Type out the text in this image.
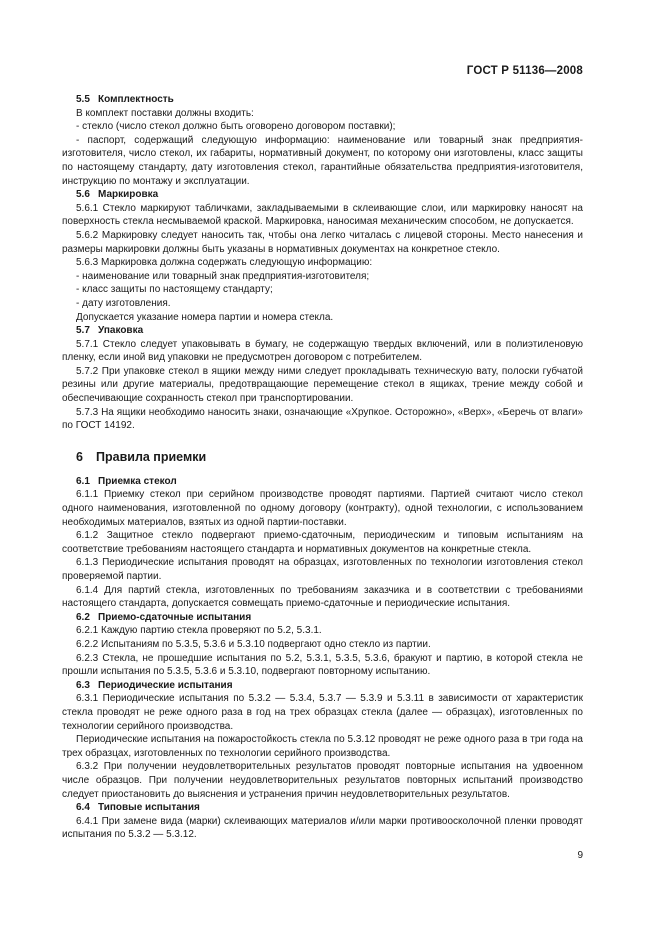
ГОСТ Р 51136—2008

5.5 Комплектность

В комплект поставки должны входить:

- стекло (число стекол должно быть оговорено договором поставки);

- паспорт, содержащий следующую информацию: наименование или товарный знак предприятия-изготовителя, число стекол, их габариты, нормативный документ, по которому они изготовлены, класс защиты по настоящему стандарту, дату изготовления стекол, гарантийные обязательства предприятия-изготовителя, инструкцию по монтажу и эксплуатации.

5.6 Маркировка

5.6.1 Стекло маркируют табличками, закладываемыми в склеивающие слои, или маркировку наносят на поверхность стекла несмываемой краской. Маркировка, наносимая механическим способом, не допускается.

5.6.2 Маркировку следует наносить так, чтобы она легко читалась с лицевой стороны. Место нанесения и размеры маркировки должны быть указаны в нормативных документах на конкретное стекло.

5.6.3 Маркировка должна содержать следующую информацию:

- наименование или товарный знак предприятия-изготовителя;

- класс защиты по настоящему стандарту;

- дату изготовления.

Допускается указание номера партии и номера стекла.

5.7 Упаковка

5.7.1 Стекло следует упаковывать в бумагу, не содержащую твердых включений, или в полиэтиленовую пленку, если иной вид упаковки не предусмотрен договором с потребителем.

5.7.2 При упаковке стекол в ящики между ними следует прокладывать техническую вату, полоски губчатой резины или другие материалы, предотвращающие перемещение стекол в ящиках, трение между собой и обеспечивающие сохранность стекол при транспортировании.

5.7.3 На ящики необходимо наносить знаки, означающие «Хрупкое. Осторожно», «Верх», «Беречь от влаги» по ГОСТ 14192.

6 Правила приемки

6.1 Приемка стекол

6.1.1 Приемку стекол при серийном производстве проводят партиями. Партией считают число стекол одного наименования, изготовленной по одному договору (контракту), одной технологии, с использованием необходимых материалов, взятых из одной партии-поставки.

6.1.2 Защитное стекло подвергают приемо-сдаточным, периодическим и типовым испытаниям на соответствие требованиям настоящего стандарта и нормативных документов на конкретные стекла.

6.1.3 Периодические испытания проводят на образцах, изготовленных по технологии изготовления стекол проверяемой партии.

6.1.4 Для партий стекла, изготовленных по требованиям заказчика и в соответствии с требованиями настоящего стандарта, допускается совмещать приемо-сдаточные и периодические испытания.

6.2 Приемо-сдаточные испытания

6.2.1 Каждую партию стекла проверяют по 5.2, 5.3.1.

6.2.2 Испытаниям по 5.3.5, 5.3.6 и 5.3.10 подвергают одно стекло из партии.

6.2.3 Стекла, не прошедшие испытания по 5.2, 5.3.1, 5.3.5, 5.3.6, бракуют и партию, в которой стекла не прошли испытания по 5.3.5, 5.3.6 и 5.3.10, подвергают повторному испытанию.

6.3 Периодические испытания

6.3.1 Периодические испытания по 5.3.2 — 5.3.4, 5.3.7 — 5.3.9 и 5.3.11 в зависимости от характеристик стекла проводят не реже одного раза в год на трех образцах стекла (далее — образцах), изготовленных по технологии серийного производства.

Периодические испытания на пожаростойкость стекла по 5.3.12 проводят не реже одного раза в три года на трех образцах, изготовленных по технологии серийного производства.

6.3.2 При получении неудовлетворительных результатов проводят повторные испытания на удвоенном числе образцов. При получении неудовлетворительных результатов повторных испытаний производство следует приостановить до выяснения и устранения причин неудовлетворительных результатов.

6.4 Типовые испытания

6.4.1 При замене вида (марки) склеивающих материалов и/или марки противоосколочной пленки проводят испытания по 5.3.2 — 5.3.12.

9
